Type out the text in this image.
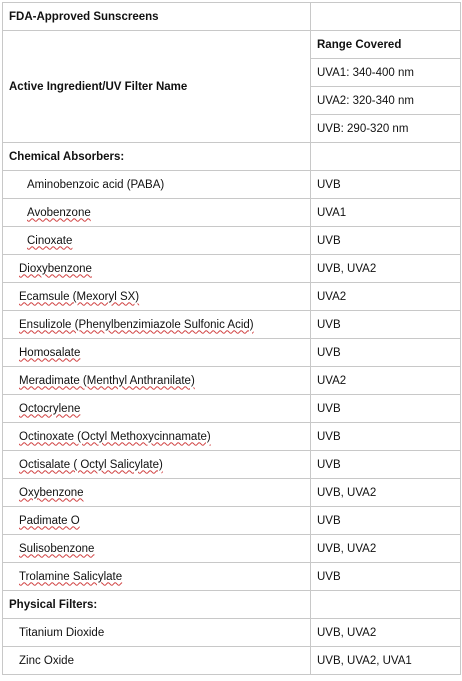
FDA-Approved Sunscreens	
Active Ingredient/UV Filter Name	Range Covered
	UVA1: 340-400 nm
	UVA2: 320-340 nm
	UVB: 290-320 nm
Chemical Absorbers:	
Aminobenzoic acid (PABA)	UVB
Avobenzone	UVA1
Cinoxate	UVB
Dioxybenzone	UVB, UVA2
Ecamsule (Mexoryl SX)	UVA2
Ensulizole (Phenylbenzimiazole Sulfonic Acid)	UVB
Homosalate	UVB
Meradimate (Menthyl Anthranilate)	UVA2
Octocrylene	UVB
Octinoxate (Octyl Methoxycinnamate)	UVB
Octisalate ( Octyl Salicylate)	UVB
Oxybenzone	UVB, UVA2
Padimate O	UVB
Sulisobenzone	UVB, UVA2
Trolamine Salicylate	UVB
Physical Filters:	
Titanium Dioxide	UVB, UVA2
Zinc Oxide	UVB, UVA2, UVA1
